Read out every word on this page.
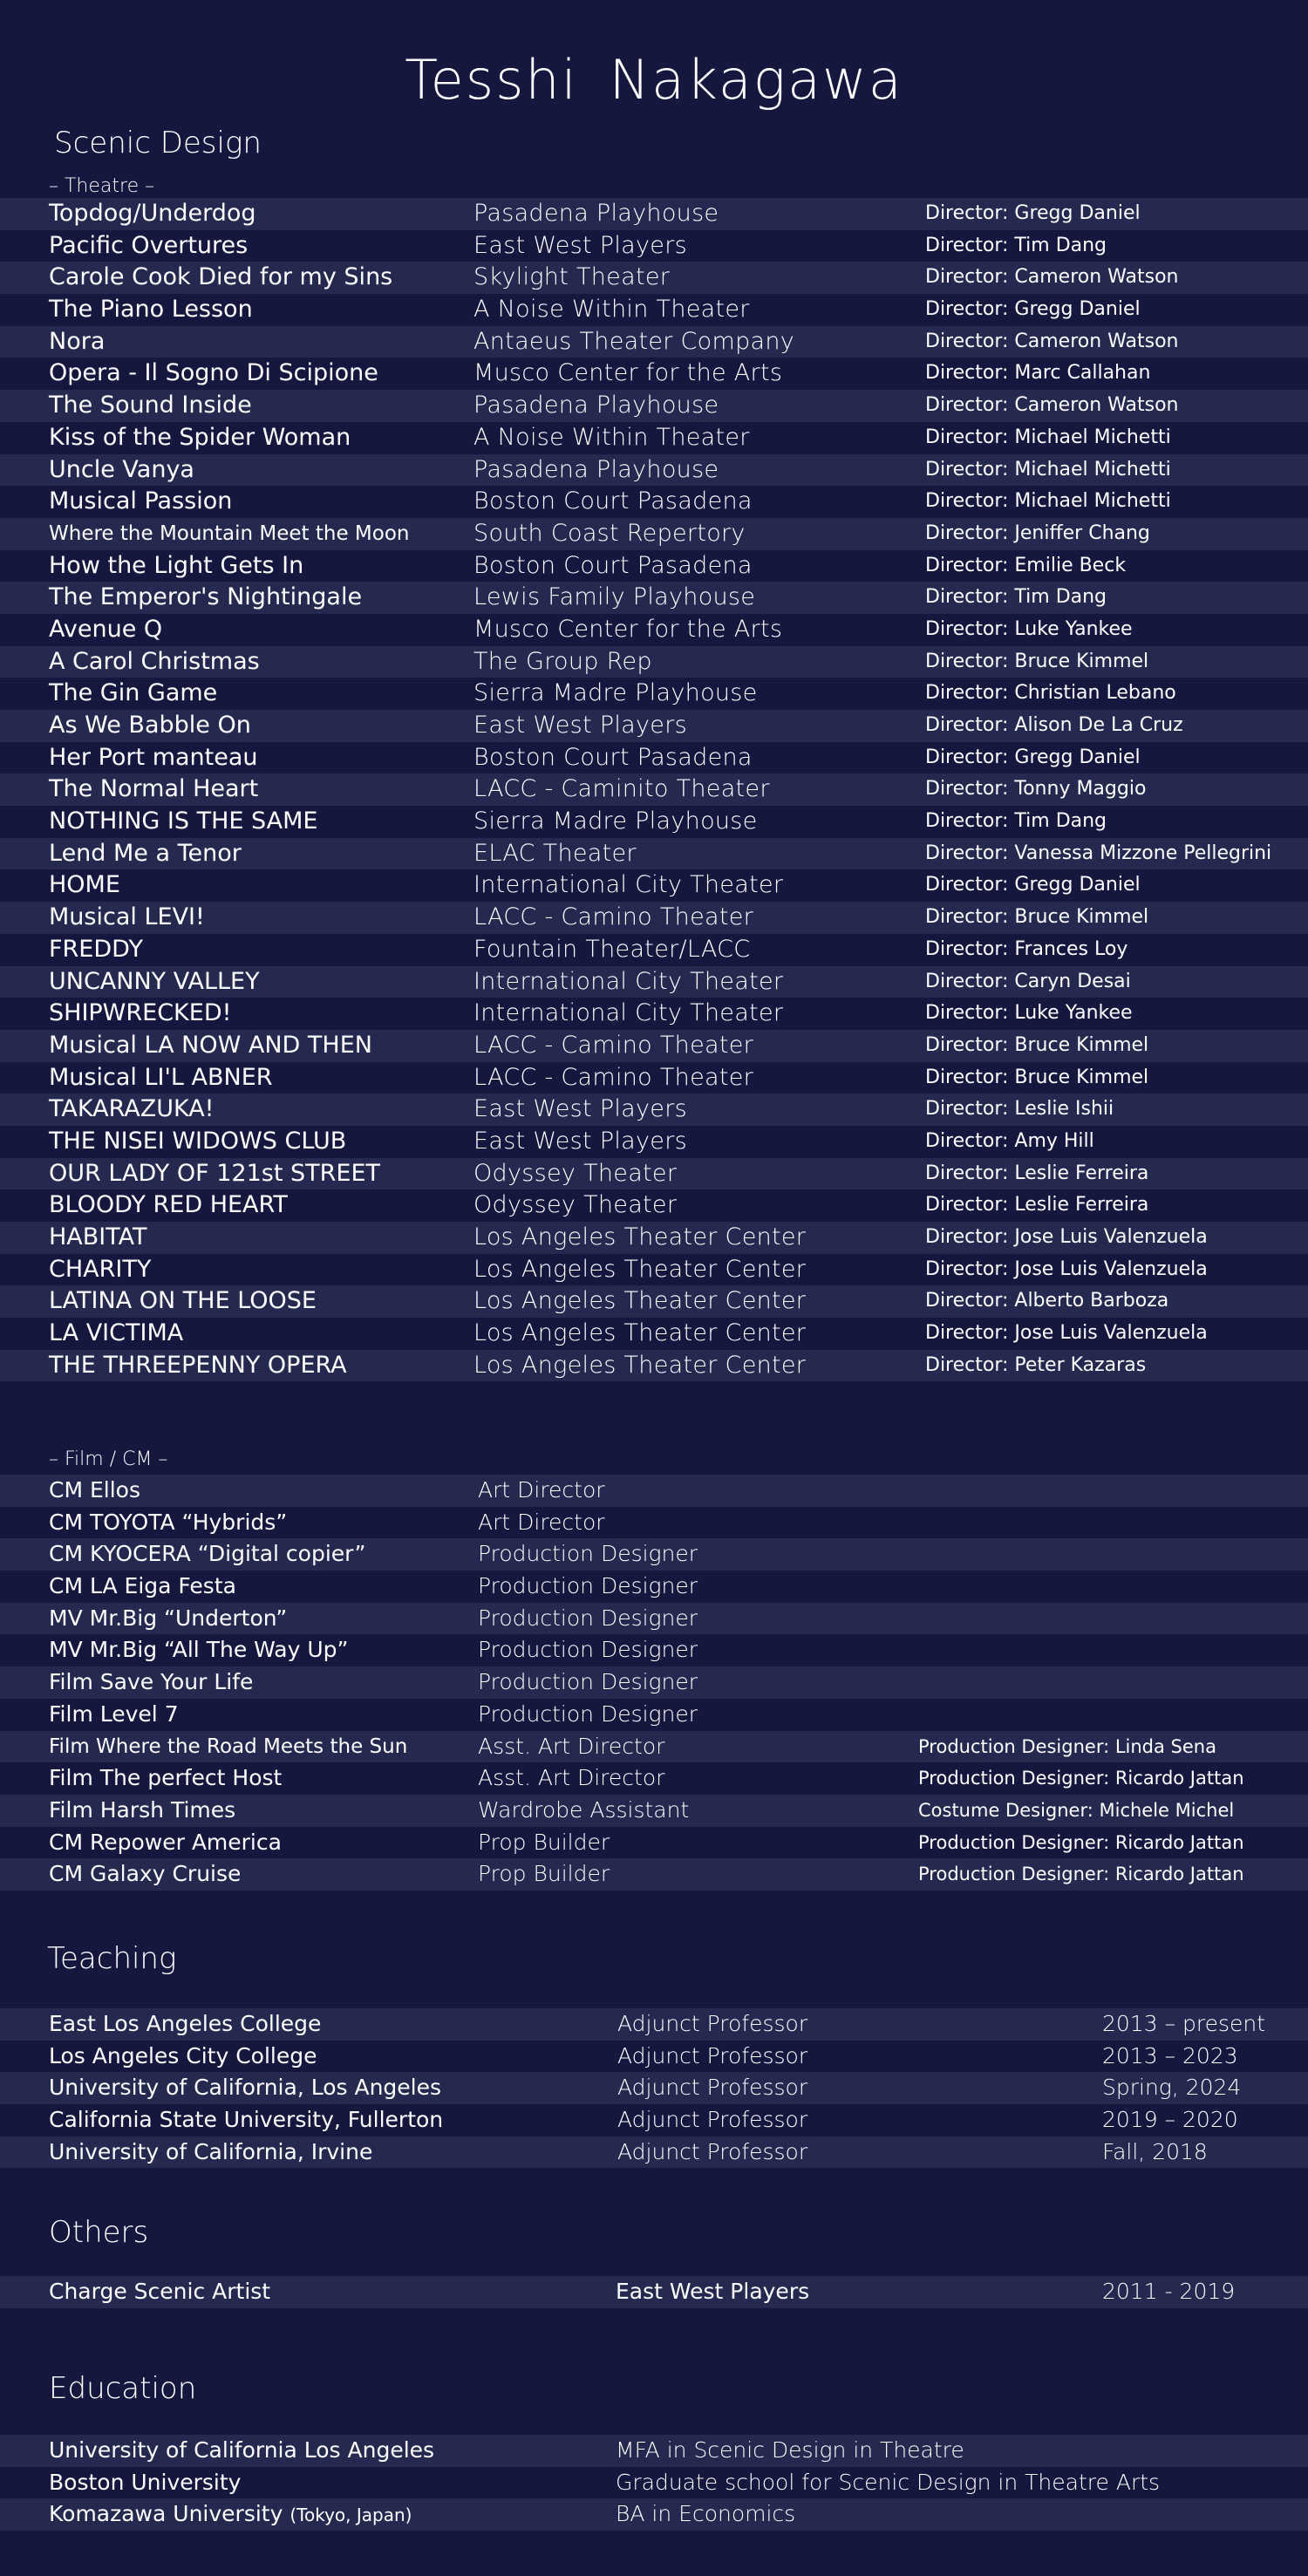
Tesshi Nakagawa
Scenic Design
– Theatre –
Topdog/Underdog	Pasadena Playhouse	Director: Gregg Daniel
Pacific Overtures	East West Players	Director: Tim Dang
Carole Cook Died for my Sins	Skylight Theater	Director: Cameron Watson
The Piano Lesson	A Noise Within Theater	Director: Gregg Daniel
Nora	Antaeus Theater Company	Director: Cameron Watson
Opera - Il Sogno Di Scipione	Musco Center for the Arts	Director: Marc Callahan
The Sound Inside	Pasadena Playhouse	Director: Cameron Watson
Kiss of the Spider Woman	A Noise Within Theater	Director: Michael Michetti
Uncle Vanya	Pasadena Playhouse	Director: Michael Michetti
Musical Passion	Boston Court Pasadena	Director: Michael Michetti
Where the Mountain Meet the Moon	South Coast Repertory	Director: Jeniffer Chang
How the Light Gets In	Boston Court Pasadena	Director: Emilie Beck
The Emperor's Nightingale	Lewis Family Playhouse	Director: Tim Dang
Avenue Q	Musco Center for the Arts	Director: Luke Yankee
A Carol Christmas	The Group Rep	Director: Bruce Kimmel
The Gin Game	Sierra Madre Playhouse	Director: Christian Lebano
As We Babble On	East West Players	Director: Alison De La Cruz
Her Port manteau	Boston Court Pasadena	Director: Gregg Daniel
The Normal Heart	LACC - Caminito Theater	Director: Tonny Maggio
NOTHING IS THE SAME	Sierra Madre Playhouse	Director: Tim Dang
Lend Me a Tenor	ELAC Theater	Director: Vanessa Mizzone Pellegrini
HOME	International City Theater	Director: Gregg Daniel
Musical LEVI!	LACC - Camino Theater	Director: Bruce Kimmel
FREDDY	Fountain Theater/LACC	Director: Frances Loy
UNCANNY VALLEY	International City Theater	Director: Caryn Desai
SHIPWRECKED!	International City Theater	Director: Luke Yankee
Musical LA NOW AND THEN	LACC - Camino Theater	Director: Bruce Kimmel
Musical LI'L ABNER	LACC - Camino Theater	Director: Bruce Kimmel
TAKARAZUKA!	East West Players	Director: Leslie Ishii
THE NISEI WIDOWS CLUB	East West Players	Director: Amy Hill
OUR LADY OF 121st STREET	Odyssey Theater	Director: Leslie Ferreira
BLOODY RED HEART	Odyssey Theater	Director: Leslie Ferreira
HABITAT	Los Angeles Theater Center	Director: Jose Luis Valenzuela
CHARITY	Los Angeles Theater Center	Director: Jose Luis Valenzuela
LATINA ON THE LOOSE	Los Angeles Theater Center	Director: Alberto Barboza
LA VICTIMA	Los Angeles Theater Center	Director: Jose Luis Valenzuela
THE THREEPENNY OPERA	Los Angeles Theater Center	Director: Peter Kazaras
– Film / CM –
CM Ellos	Art Director
CM TOYOTA “Hybrids”	Art Director
CM KYOCERA “Digital copier”	Production Designer
CM LA Eiga Festa	Production Designer
MV Mr.Big “Underton”	Production Designer
MV Mr.Big “All The Way Up”	Production Designer
Film Save Your Life	Production Designer
Film Level 7	Production Designer
Film Where the Road Meets the Sun	Asst. Art Director	Production Designer: Linda Sena
Film The perfect Host	Asst. Art Director	Production Designer: Ricardo Jattan
Film Harsh Times	Wardrobe Assistant	Costume Designer: Michele Michel
CM Repower America	Prop Builder	Production Designer: Ricardo Jattan
CM Galaxy Cruise	Prop Builder	Production Designer: Ricardo Jattan
Teaching
East Los Angeles College	Adjunct Professor	2013 – present
Los Angeles City College	Adjunct Professor	2013 – 2023
University of California, Los Angeles	Adjunct Professor	Spring, 2024
California State University, Fullerton	Adjunct Professor	2019 – 2020
University of California, Irvine	Adjunct Professor	Fall, 2018
Others
Charge Scenic Artist	East West Players	2011 - 2019
Education
University of California Los Angeles	MFA in Scenic Design in Theatre
Boston University	Graduate school for Scenic Design in Theatre Arts
Komazawa University (Tokyo, Japan)	BA in Economics
